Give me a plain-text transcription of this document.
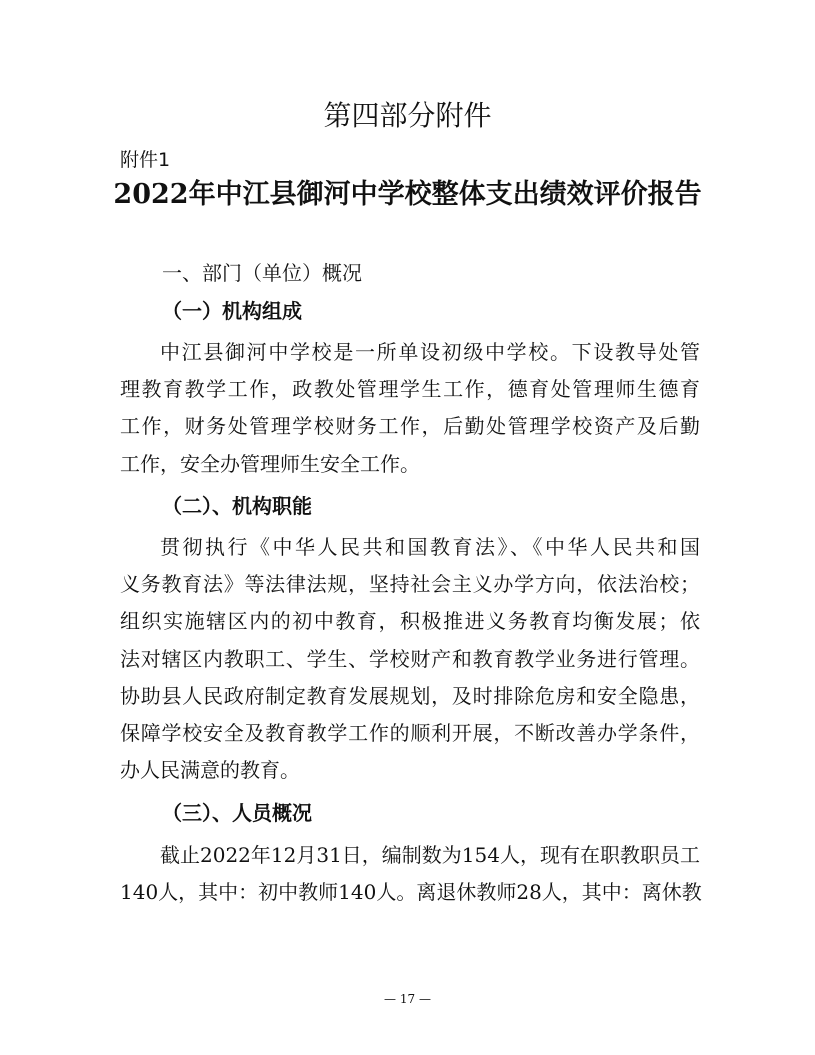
第四部分附件
附件1
2022年中江县御河中学校整体支出绩效评价报告
一、部门（单位）概况
（一）机构组成
中江县御河中学校是一所单设初级中学校。下设教导处管
理教育教学工作，政教处管理学生工作，德育处管理师生德育
工作，财务处管理学校财务工作，后勤处管理学校资产及后勤
工作，安全办管理师生安全工作。
（二）、机构职能
贯彻执行《中华人民共和国教育法》、《中华人民共和国
义务教育法》等法律法规，坚持社会主义办学方向，依法治校；
组织实施辖区内的初中教育，积极推进义务教育均衡发展；依
法对辖区内教职工、学生、学校财产和教育教学业务进行管理。
协助县人民政府制定教育发展规划，及时排除危房和安全隐患，
保障学校安全及教育教学工作的顺利开展，不断改善办学条件，
办人民满意的教育。
（三）、人员概况
截止2022年12月31日，编制数为154人，现有在职教职员工
140人，其中：初中教师140人。离退休教师28人，其中：离休教
— 17 —
